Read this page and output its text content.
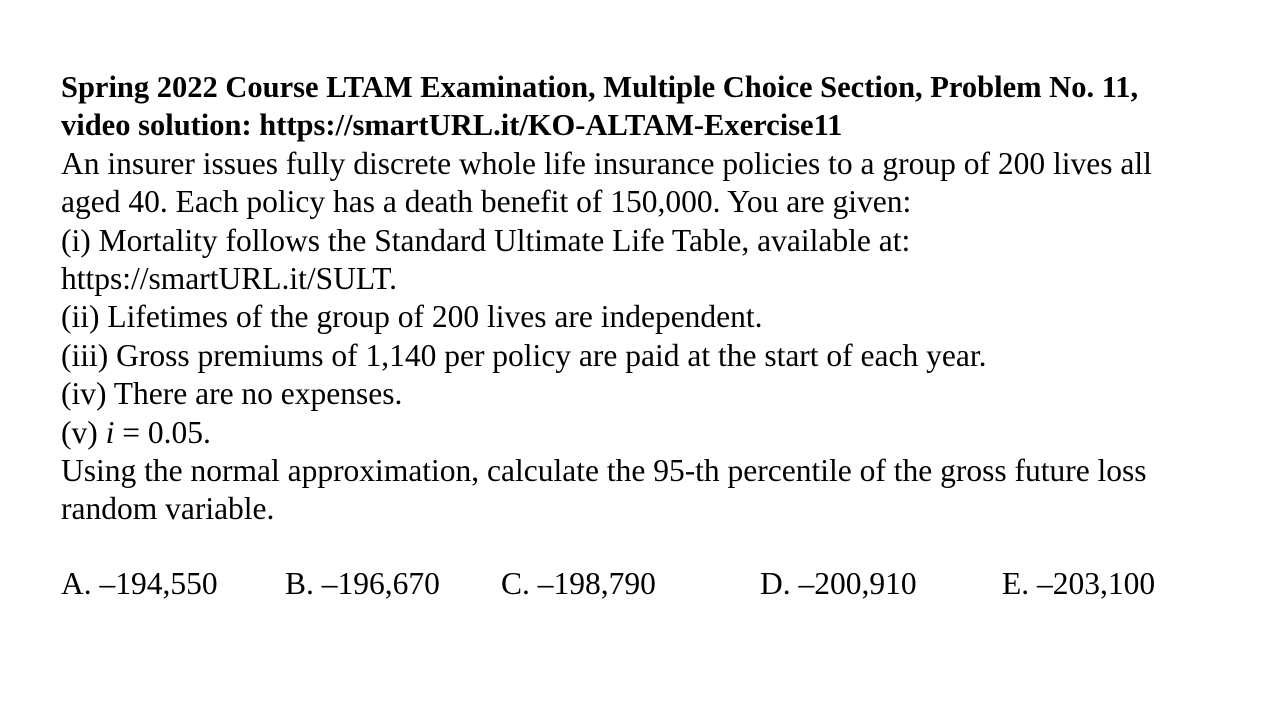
Spring 2022 Course LTAM Examination, Multiple Choice Section, Problem No. 11,
video solution: https://smartURL.it/KO-ALTAM-Exercise11
An insurer issues fully discrete whole life insurance policies to a group of 200 lives all
aged 40. Each policy has a death benefit of 150,000. You are given:
(i) Mortality follows the Standard Ultimate Life Table, available at:
https://smartURL.it/SULT.
(ii) Lifetimes of the group of 200 lives are independent.
(iii) Gross premiums of 1,140 per policy are paid at the start of each year.
(iv) There are no expenses.
(v) i = 0.05.
Using the normal approximation, calculate the 95-th percentile of the gross future loss
random variable.
A. –194,550 B. –196,670 C. –198,790	D. –200,910	E. –203,100
